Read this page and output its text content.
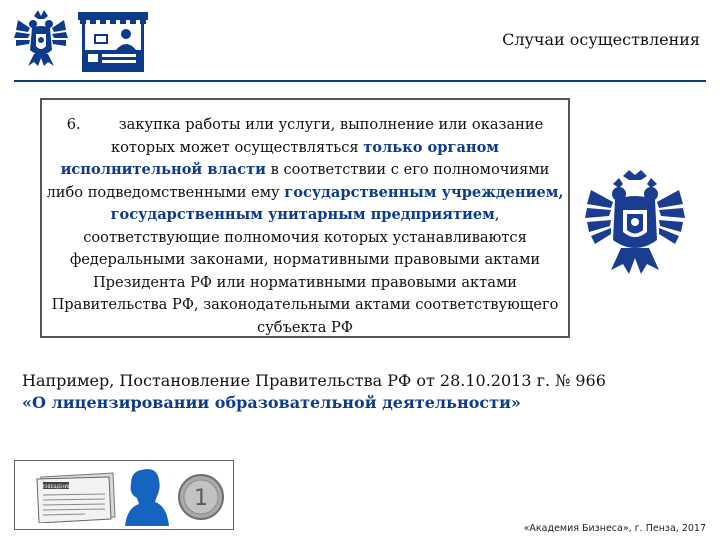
Случаи осуществления
6.	закупка работы или услуги, выполнение или оказание которых может осуществляться только органом исполнительной власти в соответствии с его полномочиями либо подведомственными ему государственным учреждением, государственным унитарным предприятием, соответствующие полномочия которых устанавливаются федеральными законами, нормативными правовыми актами Президента РФ или нормативными правовыми актами Правительства РФ, законодательными актами соответствующего субъекта РФ
Например, Постановление Правительства РФ от 28.10.2013 г. № 966
«О лицензировании образовательной деятельности»
ИЗВЕЩЕНИЕ	1
«Академия Бизнеса», г. Пенза, 2017
